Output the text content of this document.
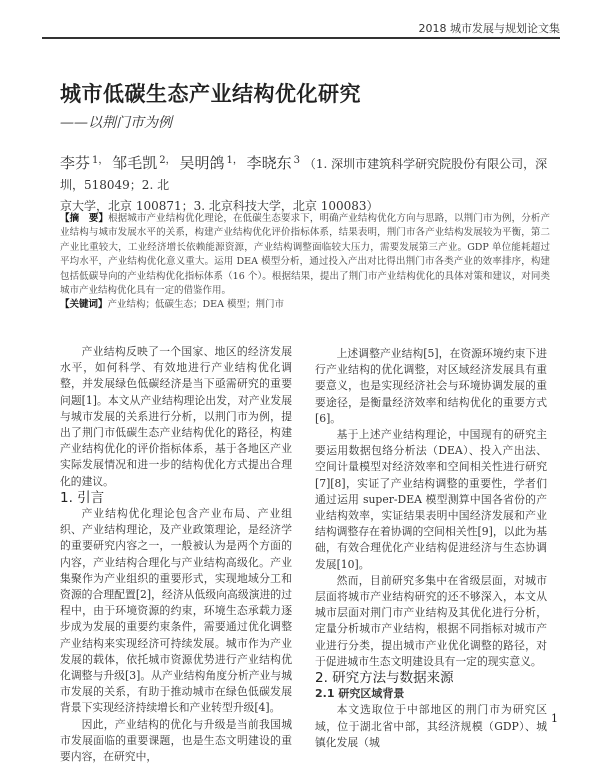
2018 城市发展与规划论文集
城市低碳生态产业结构优化研究
——以荆门市为例
李芬 $^{1,}$ 邹毛凯 $^{2,}$ 吴明鸽 $^{1,}$ 李晓东 $^3$ （1. 深圳市建筑科学研究院股份有限公司，深圳，518049；2. 北
京大学，北京 100871；3. 北京科技大学，北京 100083）
【摘　要】根据城市产业结构优化理论，在低碳生态要求下，明确产业结构优化方向与思路，以荆门市为例，分析产业结构与城市发展水平的关系，构建产业结构优化评价指标体系，结果表明，荆门市各产业结构发展较为平衡，第二产业比重较大，工业经济增长依赖能源资源，产业结构调整面临较大压力，需要发展第三产业。GDP 单位能耗超过平均水平，产业结构优化意义重大。运用 DEA 模型分析，通过投入产出对比得出荆门市各类产业的效率排序，构建包括低碳导向的产业结构优化指标体系（16 个）。根据结果，提出了荆门市产业结构优化的具体对策和建议，对同类城市产业结构优化具有一定的借鉴作用。
【关键词】产业结构；低碳生态；DEA 模型；荆门市

产业结构反映了一个国家、地区的经济发展水平，如何科学、有效地进行产业结构优化调整，并发展绿色低碳经济是当下亟需研究的重要问题[1]。本文从产业结构理论出发，对产业发展与城市发展的关系进行分析，以荆门市为例，提出了荆门市低碳生态产业结构优化的路径，构建产业结构优化的评价指标体系，基于各地区产业实际发展情况和进一步的结构优化方式提出合理化的建议。

1. 引言

产业结构优化理论包含产业布局、产业组织、产业结构理论，及产业政策理论，是经济学的重要研究内容之一，一般被认为是两个方面的内容，产业结构合理化与产业结构高级化。产业集聚作为产业组织的重要形式，实现地域分工和资源的合理配置[2]，经济从低级向高级演进的过程中，由于环境资源的约束，环境生态承载力逐步成为发展的重要约束条件，需要通过优化调整产业结构来实现经济可持续发展。城市作为产业发展的载体，依托城市资源优势进行产业结构优化调整与升级[3]。从产业结构角度分析产业与城市发展的关系，有助于推动城市在绿色低碳发展背景下实现经济持续增长和产业转型升级[4]。

因此，产业结构的优化与升级是当前我国城市发展面临的重要课题，也是生态文明建设的重要内容，在研究中，

上述调整产业结构[5]，在资源环境约束下进行产业结构的优化调整，对区域经济发展具有重要意义，也是实现经济社会与环境协调发展的重要途径，是衡量经济效率和结构优化的重要方式[6]。

基于上述产业结构理论，中国现有的研究主要运用数据包络分析法（DEA）、投入产出法、空间计量模型对经济效率和空间相关性进行研究[7][8]，实证了产业结构调整的重要性，学者们通过运用 super-DEA 模型测算中国各省份的产业结构效率，实证结果表明中国经济发展和产业结构调整存在着协调的空间相关性[9]，以此为基础，有效合理优化产业结构促进经济与生态协调发展[10]。

然而，目前研究多集中在省级层面，对城市层面将城市产业结构研究的还不够深入，本文从城市层面对荆门市产业结构及其优化进行分析，定量分析城市产业结构，根据不同指标对城市产业进行分类，提出城市产业优化调整的路径，对于促进城市生态文明建设具有一定的现实意义。

2. 研究方法与数据来源

2.1 研究区域背景

本文选取位于中部地区的荆门市为研究区域，位于湖北省中部，其经济规模（GDP）、城镇化发展（城

1
